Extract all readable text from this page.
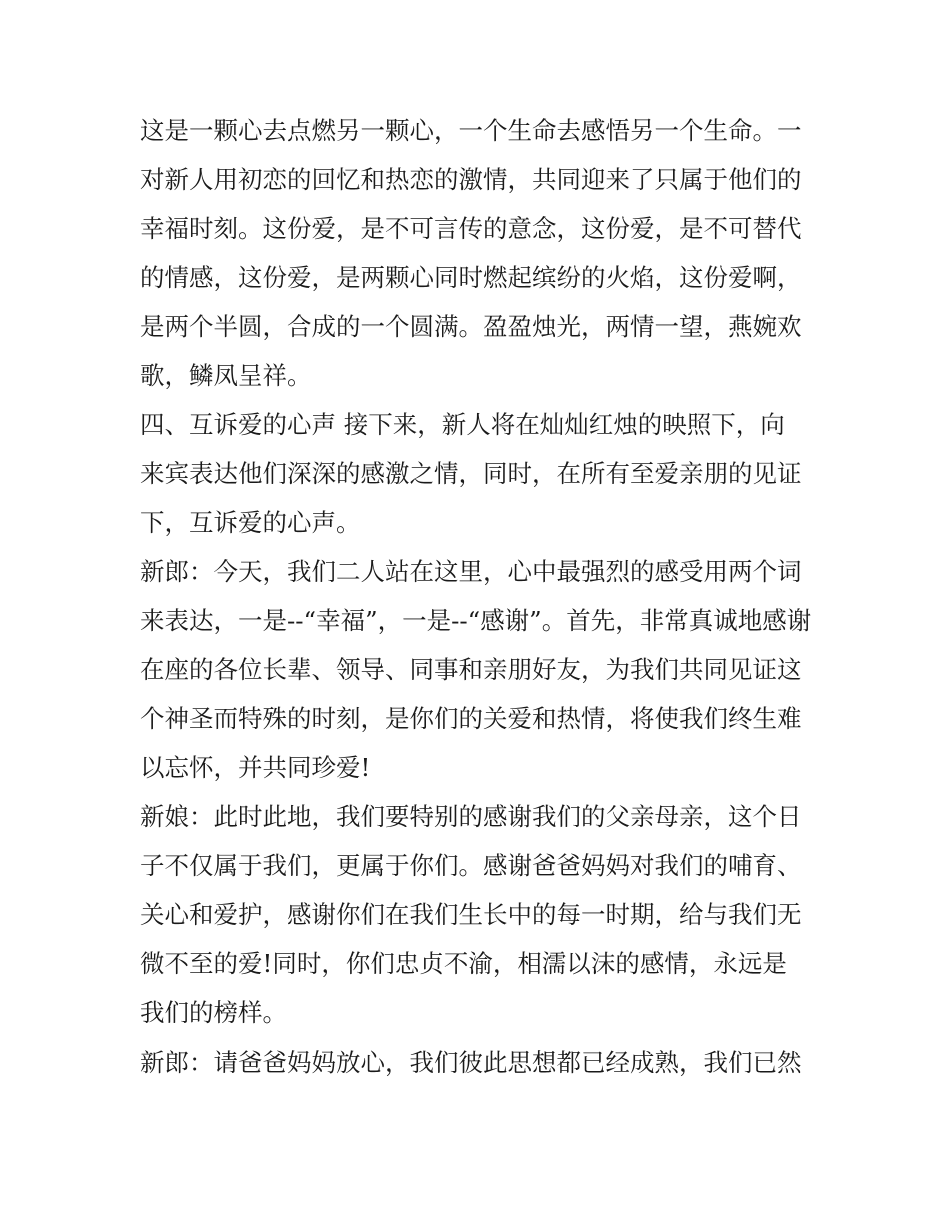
这是一颗心去点燃另一颗心，一个生命去感悟另一个生命。一
对新人用初恋的回忆和热恋的激情，共同迎来了只属于他们的
幸福时刻。这份爱，是不可言传的意念，这份爱，是不可替代
的情感，这份爱，是两颗心同时燃起缤纷的火焰，这份爱啊，
是两个半圆，合成的一个圆满。盈盈烛光，两情一望，燕婉欢
歌，鳞凤呈祥。
四、互诉爱的心声 接下来，新人将在灿灿红烛的映照下，向
来宾表达他们深深的感激之情，同时，在所有至爱亲朋的见证
下，互诉爱的心声。
新郎：今天，我们二人站在这里，心中最强烈的感受用两个词
来表达，一是--“幸福”，一是--“感谢”。首先，非常真诚地感谢
在座的各位长辈、领导、同事和亲朋好友，为我们共同见证这
个神圣而特殊的时刻，是你们的关爱和热情，将使我们终生难
以忘怀，并共同珍爱!
新娘：此时此地，我们要特别的感谢我们的父亲母亲，这个日
子不仅属于我们，更属于你们。感谢爸爸妈妈对我们的哺育、
关心和爱护，感谢你们在我们生长中的每一时期，给与我们无
微不至的爱!同时，你们忠贞不渝，相濡以沫的感情，永远是
我们的榜样。
新郎：请爸爸妈妈放心，我们彼此思想都已经成熟，我们已然
